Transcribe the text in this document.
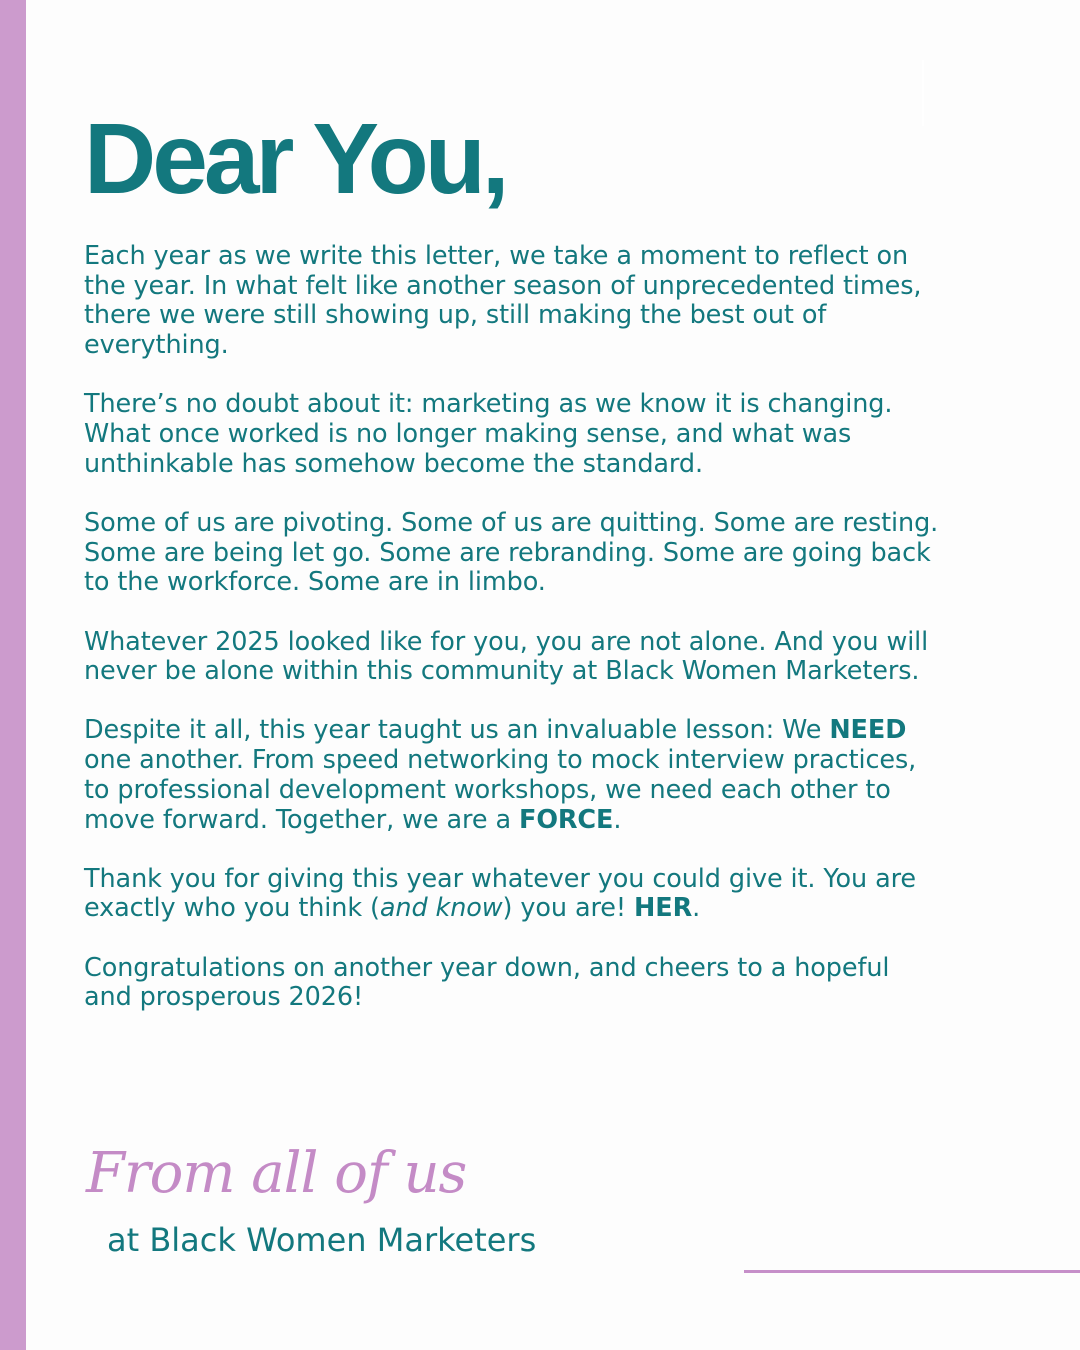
Dear You,

Each year as we write this letter, we take a moment to reflect on the year. In what felt like another season of unprecedented times, there we were still showing up, still making the best out of everything.

There’s no doubt about it: marketing as we know it is changing. What once worked is no longer making sense, and what was unthinkable has somehow become the standard.

Some of us are pivoting. Some of us are quitting. Some are resting. Some are being let go. Some are rebranding. Some are going back to the workforce. Some are in limbo.

Whatever 2025 looked like for you, you are not alone. And you will never be alone within this community at Black Women Marketers.

Despite it all, this year taught us an invaluable lesson: We NEED one another. From speed networking to mock interview practices, to professional development workshops, we need each other to move forward. Together, we are a FORCE.

Thank you for giving this year whatever you could give it. You are exactly who you think (and know) you are! HER.

Congratulations on another year down, and cheers to a hopeful and prosperous 2026!

From all of us

at Black Women Marketers
